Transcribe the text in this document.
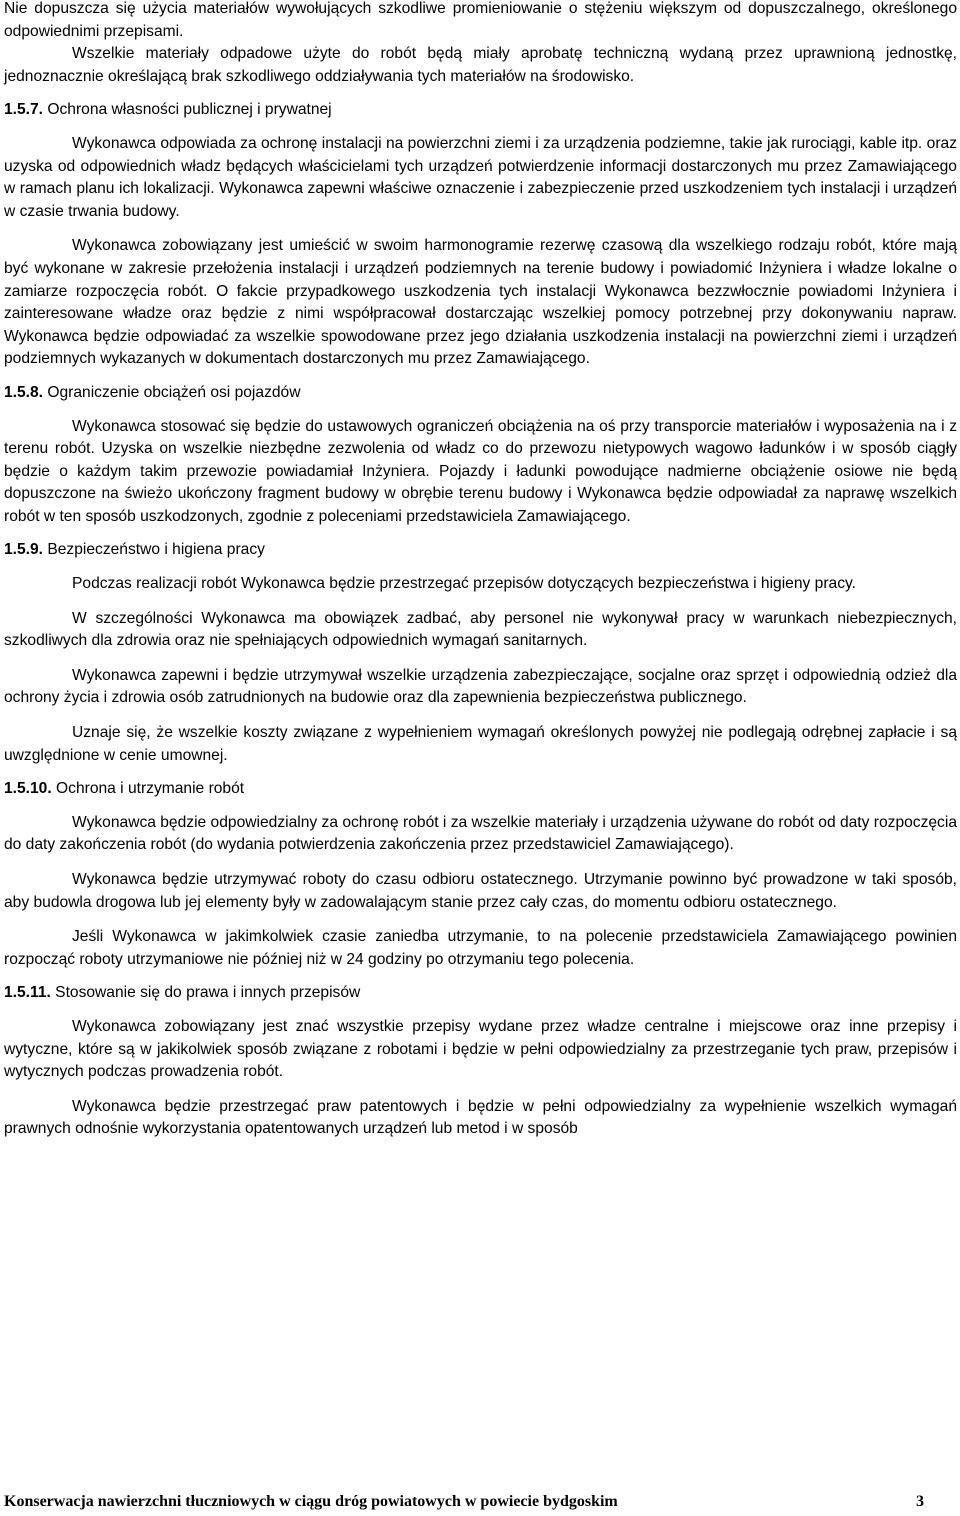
Nie dopuszcza się użycia materiałów wywołujących szkodliwe promieniowanie o stężeniu większym od dopuszczalnego, określonego odpowiednimi przepisami.

Wszelkie materiały odpadowe użyte do robót będą miały aprobatę techniczną wydaną przez uprawnioną jednostkę, jednoznacznie określającą brak szkodliwego oddziaływania tych materiałów na środowisko.

1.5.7. Ochrona własności publicznej i prywatnej

Wykonawca odpowiada za ochronę instalacji na powierzchni ziemi i za urządzenia podziemne, takie jak rurociągi, kable itp. oraz uzyska od odpowiednich władz będących właścicielami tych urządzeń potwierdzenie informacji dostarczonych mu przez Zamawiającego w ramach planu ich lokalizacji. Wykonawca zapewni właściwe oznaczenie i zabezpieczenie przed uszkodzeniem tych instalacji i urządzeń w czasie trwania budowy.

Wykonawca zobowiązany jest umieścić w swoim harmonogramie rezerwę czasową dla wszelkiego rodzaju robót, które mają być wykonane w zakresie przełożenia instalacji i urządzeń podziemnych na terenie budowy i powiadomić Inżyniera i władze lokalne o zamiarze rozpoczęcia robót. O fakcie przypadkowego uszkodzenia tych instalacji Wykonawca bezzwłocznie powiadomi Inżyniera i zainteresowane władze oraz będzie z nimi współpracował dostarczając wszelkiej pomocy potrzebnej przy dokonywaniu napraw. Wykonawca będzie odpowiadać za wszelkie spowodowane przez jego działania uszkodzenia instalacji na powierzchni ziemi i urządzeń podziemnych wykazanych w dokumentach dostarczonych mu przez Zamawiającego.

1.5.8. Ograniczenie obciążeń osi pojazdów

Wykonawca stosować się będzie do ustawowych ograniczeń obciążenia na oś przy transporcie materiałów i wyposażenia na i z terenu robót. Uzyska on wszelkie niezbędne zezwolenia od władz co do przewozu nietypowych wagowo ładunków i w sposób ciągły będzie o każdym takim przewozie powiadamiał Inżyniera. Pojazdy i ładunki powodujące nadmierne obciążenie osiowe nie będą dopuszczone na świeżo ukończony fragment budowy w obrębie terenu budowy i Wykonawca będzie odpowiadał za naprawę wszelkich robót w ten sposób uszkodzonych, zgodnie z poleceniami przedstawiciela Zamawiającego.

1.5.9. Bezpieczeństwo i higiena pracy

Podczas realizacji robót Wykonawca będzie przestrzegać przepisów dotyczących bezpieczeństwa i higieny pracy.

W szczególności Wykonawca ma obowiązek zadbać, aby personel nie wykonywał pracy w warunkach niebezpiecznych, szkodliwych dla zdrowia oraz nie spełniających odpowiednich wymagań sanitarnych.

Wykonawca zapewni i będzie utrzymywał wszelkie urządzenia zabezpieczające, socjalne oraz sprzęt i odpowiednią odzież dla ochrony życia i zdrowia osób zatrudnionych na budowie oraz dla zapewnienia bezpieczeństwa publicznego.

Uznaje się, że wszelkie koszty związane z wypełnieniem wymagań określonych powyżej nie podlegają odrębnej zapłacie i są uwzględnione w cenie umownej.

1.5.10. Ochrona i utrzymanie robót

Wykonawca będzie odpowiedzialny za ochronę robót i za wszelkie materiały i urządzenia używane do robót od daty rozpoczęcia do daty zakończenia robót (do wydania potwierdzenia zakończenia przez przedstawiciel Zamawiającego).

Wykonawca będzie utrzymywać roboty do czasu odbioru ostatecznego. Utrzymanie powinno być prowadzone w taki sposób, aby budowla drogowa lub jej elementy były w zadowalającym stanie przez cały czas, do momentu odbioru ostatecznego.

Jeśli Wykonawca w jakimkolwiek czasie zaniedba utrzymanie, to na polecenie przedstawiciela Zamawiającego powinien rozpocząć roboty utrzymaniowe nie później niż w 24 godziny po otrzymaniu tego polecenia.

1.5.11. Stosowanie się do prawa i innych przepisów

Wykonawca zobowiązany jest znać wszystkie przepisy wydane przez władze centralne i miejscowe oraz inne przepisy i wytyczne, które są w jakikolwiek sposób związane z robotami i będzie w pełni odpowiedzialny za przestrzeganie tych praw, przepisów i wytycznych podczas prowadzenia robót.

Wykonawca będzie przestrzegać praw patentowych i będzie w pełni odpowiedzialny za wypełnienie wszelkich wymagań prawnych odnośnie wykorzystania opatentowanych urządzeń lub metod i w sposób

Konserwacja nawierzchni tłuczniowych w ciągu dróg powiatowych w powiecie bydgoskim	3
